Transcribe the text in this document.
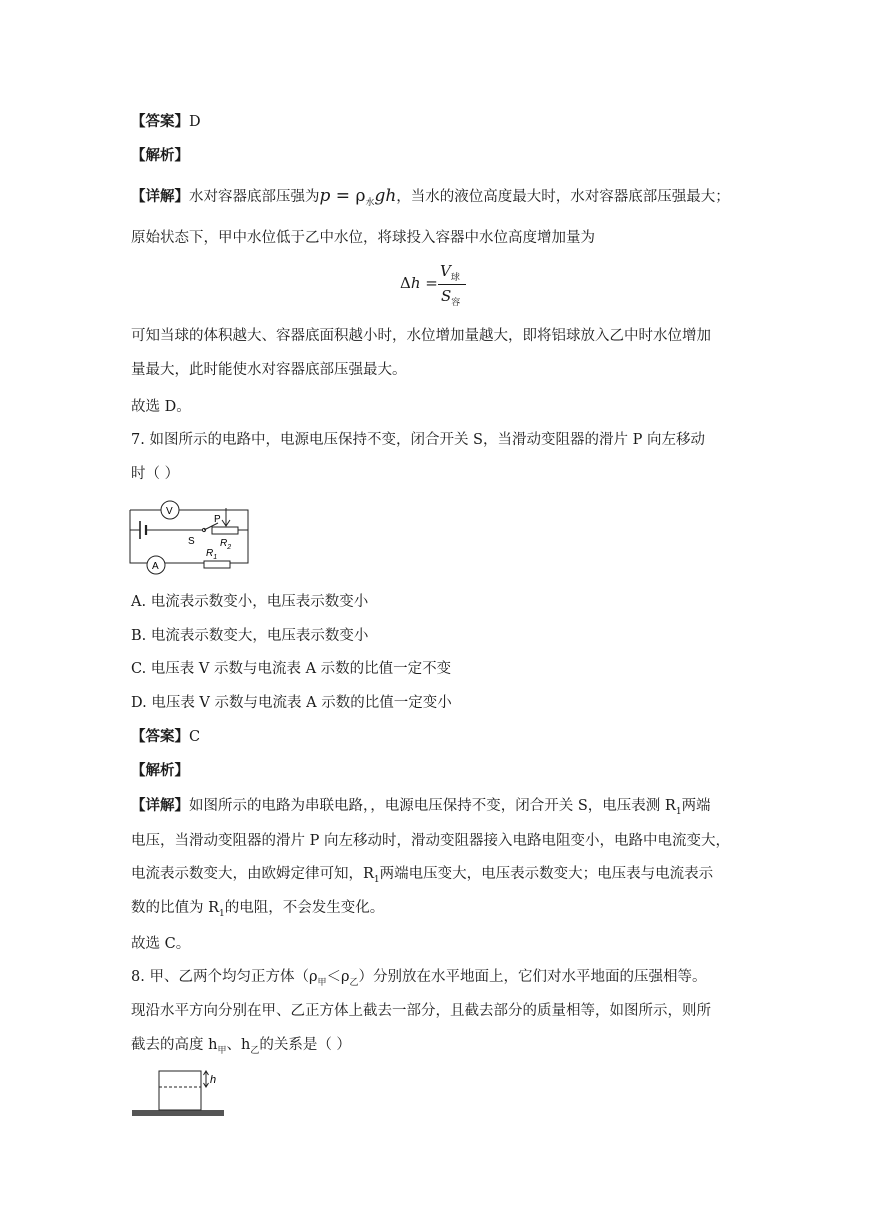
【答案】D
【解析】
【详解】水对容器底部压强为$p = \rho_水gh$，当水的液位高度最大时，水对容器底部压强最大；
原始状态下，甲中水位低于乙中水位，将球投入容器中水位高度增加量为
Δh =
$V_球$
$S_容$
可知当球的体积越大、容器底面积越小时，水位增加量越大，即将铝球放入乙中时水位增加
量最大，此时能使水对容器底部压强最大。
故选 D。
7. 如图所示的电路中，电源电压保持不变，闭合开关 S，当滑动变阻器的滑片 P 向左移动
时（ ）
V
A
S
P
$R_2$
$R_1$
A. 电流表示数变小，电压表示数变小
B. 电流表示数变大，电压表示数变小
C. 电压表 V 示数与电流表 A 示数的比值一定不变
D. 电压表 V 示数与电流表 A 示数的比值一定变小
【答案】C
【解析】
【详解】如图所示的电路为串联电路，，电源电压保持不变，闭合开关 S，电压表测 $R_1$两端
电压，当滑动变阻器的滑片 P 向左移动时，滑动变阻器接入电路电阻变小，电路中电流变大，
电流表示数变大，由欧姆定律可知，$R_1$两端电压变大，电压表示数变大；电压表与电流表示
数的比值为 $R_1$的电阻，不会发生变化。
故选 C。
8. 甲、乙两个均匀正方体$(\rho_甲<\rho_乙)$分别放在水平地面上，它们对水平地面的压强相等。
现沿水平方向分别在甲、乙正方体上截去一部分，且截去部分的质量相等，如图所示，则所
截去的高度 $h_甲$、$h_乙$的关系是（ ）
h
